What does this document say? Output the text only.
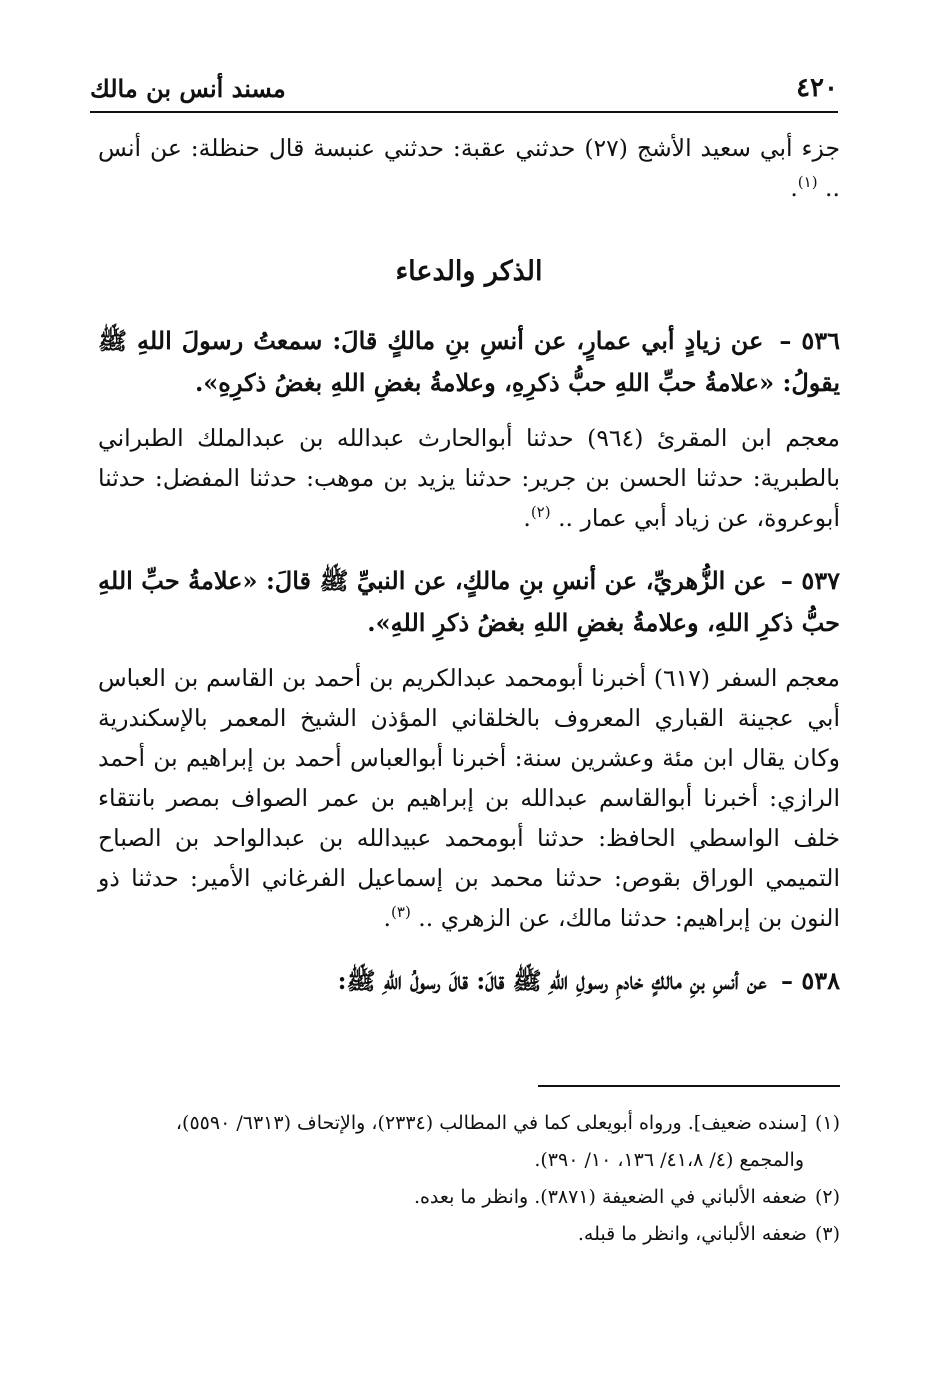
٤٢٠
مسند أنس بن مالك

جزء أبي سعيد الأشج (٢٧) حدثني عقبة: حدثني عنبسة قال حنظلة: عن أنس .. $^{(١)}$.

الذكر والدعاء

٥٣٦ – عن زيادٍ أبي عمارٍ، عن أنسِ بنِ مالكٍ قالَ: سمعتُ رسولَ اللهِ ﷺ يقولُ: «علامةُ حبِّ اللهِ حبُّ ذكرِهِ، وعلامةُ بغضِ اللهِ بغضُ ذكرِهِ».

معجم ابن المقرئ (٩٦٤) حدثنا أبوالحارث عبدالله بن عبدالملك الطبراني بالطبرية: حدثنا الحسن بن جرير: حدثنا يزيد بن موهب: حدثنا المفضل: حدثنا أبوعروة، عن زياد أبي عمار .. $^{(٢)}$.

٥٣٧ – عن الزُّهريِّ، عن أنسِ بنِ مالكٍ، عن النبيِّ ﷺ قالَ: «علامةُ حبِّ اللهِ حبُّ ذكرِ اللهِ، وعلامةُ بغضِ اللهِ بغضُ ذكرِ اللهِ».

معجم السفر (٦١٧) أخبرنا أبومحمد عبدالكريم بن أحمد بن القاسم بن العباس أبي عجينة القباري المعروف بالخلقاني المؤذن الشيخ المعمر بالإسكندرية وكان يقال ابن مئة وعشرين سنة: أخبرنا أبوالعباس أحمد بن إبراهيم بن أحمد الرازي: أخبرنا أبوالقاسم عبدالله بن إبراهيم بن عمر الصواف بمصر بانتقاء خلف الواسطي الحافظ: حدثنا أبومحمد عبيدالله بن عبدالواحد بن الصباح التميمي الوراق بقوص: حدثنا محمد بن إسماعيل الفرغاني الأمير: حدثنا ذو النون بن إبراهيم: حدثنا مالك، عن الزهري .. $^{(٣)}$.

٥٣٨ – عن أنسِ بنِ مالكٍ خادمِ رسولِ اللهِ ﷺ قالَ: قالَ رسولُ اللهِ ﷺ:

(١)[سنده ضعيف]. ورواه أبويعلى كما في المطالب (٢٣٣٤)، والإتحاف (٦٣١٣/ ٥٥٩٠)،

والمجمع (٤/ ٤١،٨/ ١٣٦، ١٠/ ٣٩٠).

(٢)ضعفه الألباني في الضعيفة (٣٨٧١). وانظر ما بعده.

(٣)ضعفه الألباني، وانظر ما قبله.
